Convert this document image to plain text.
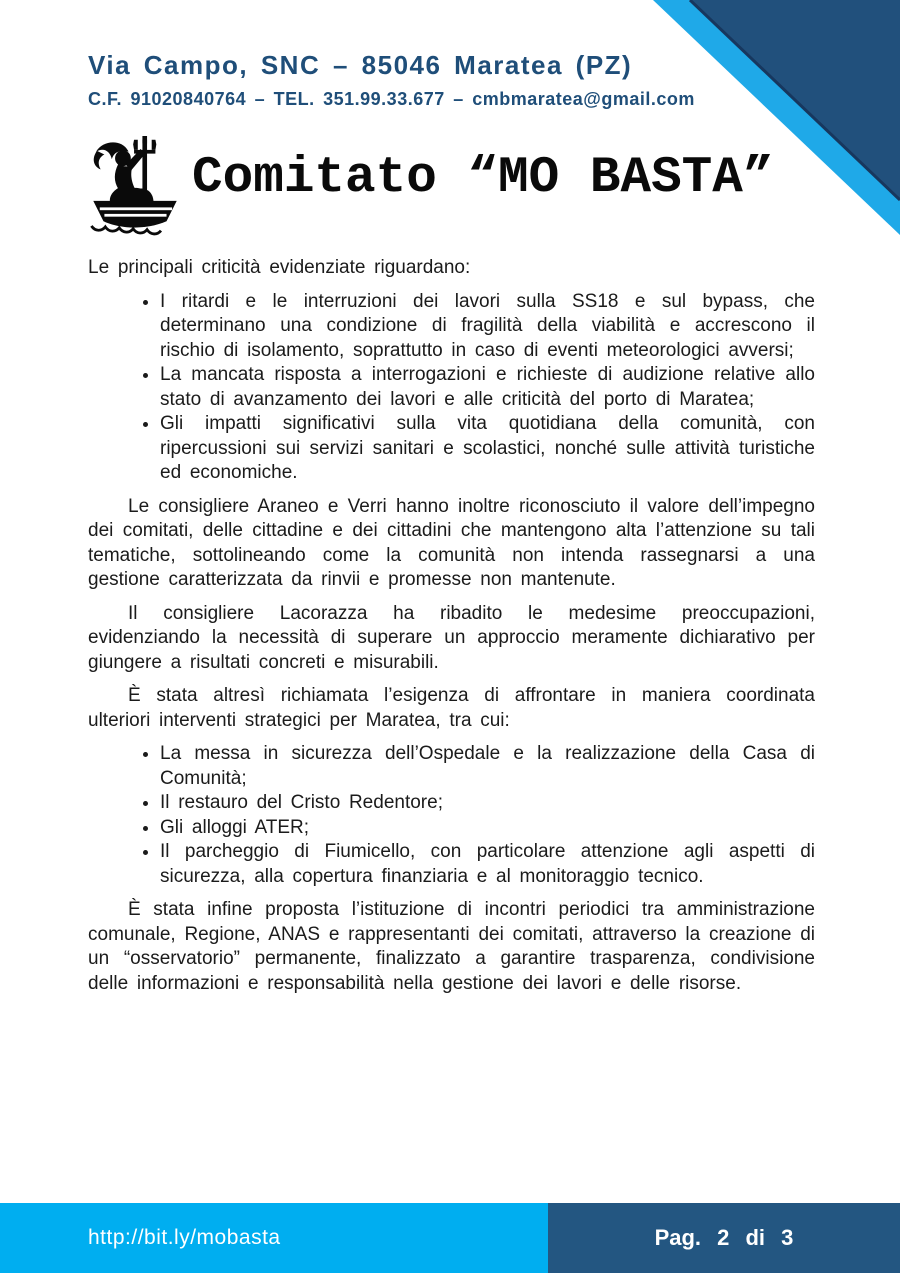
Via Campo, SNC – 85046 Maratea (PZ)
C.F. 91020840764 – TEL. 351.99.33.677 – cmbmaratea@gmail.com
Comitato “MO BASTA”

Le principali criticità evidenziate riguardano:

• I ritardi e le interruzioni dei lavori sulla SS18 e sul bypass, che determinano una condizione di fragilità della viabilità e accrescono il rischio di isolamento, soprattutto in caso di eventi meteorologici avversi;
• La mancata risposta a interrogazioni e richieste di audizione relative allo stato di avanzamento dei lavori e alle criticità del porto di Maratea;
• Gli impatti significativi sulla vita quotidiana della comunità, con ripercussioni sui servizi sanitari e scolastici, nonché sulle attività turistiche ed economiche.

Le consigliere Araneo e Verri hanno inoltre riconosciuto il valore dell’impegno dei comitati, delle cittadine e dei cittadini che mantengono alta l’attenzione su tali tematiche, sottolineando come la comunità non intenda rassegnarsi a una gestione caratterizzata da rinvii e promesse non mantenute.

Il consigliere Lacorazza ha ribadito le medesime preoccupazioni, evidenziando la necessità di superare un approccio meramente dichiarativo per giungere a risultati concreti e misurabili.

È stata altresì richiamata l’esigenza di affrontare in maniera coordinata ulteriori interventi strategici per Maratea, tra cui:

• La messa in sicurezza dell’Ospedale e la realizzazione della Casa di Comunità;
• Il restauro del Cristo Redentore;
• Gli alloggi ATER;
• Il parcheggio di Fiumicello, con particolare attenzione agli aspetti di sicurezza, alla copertura finanziaria e al monitoraggio tecnico.

È stata infine proposta l’istituzione di incontri periodici tra amministrazione comunale, Regione, ANAS e rappresentanti dei comitati, attraverso la creazione di un “osservatorio” permanente, finalizzato a garantire trasparenza, condivisione delle informazioni e responsabilità nella gestione dei lavori e delle risorse.

http://bit.ly/mobasta	Pag. 2 di 3
